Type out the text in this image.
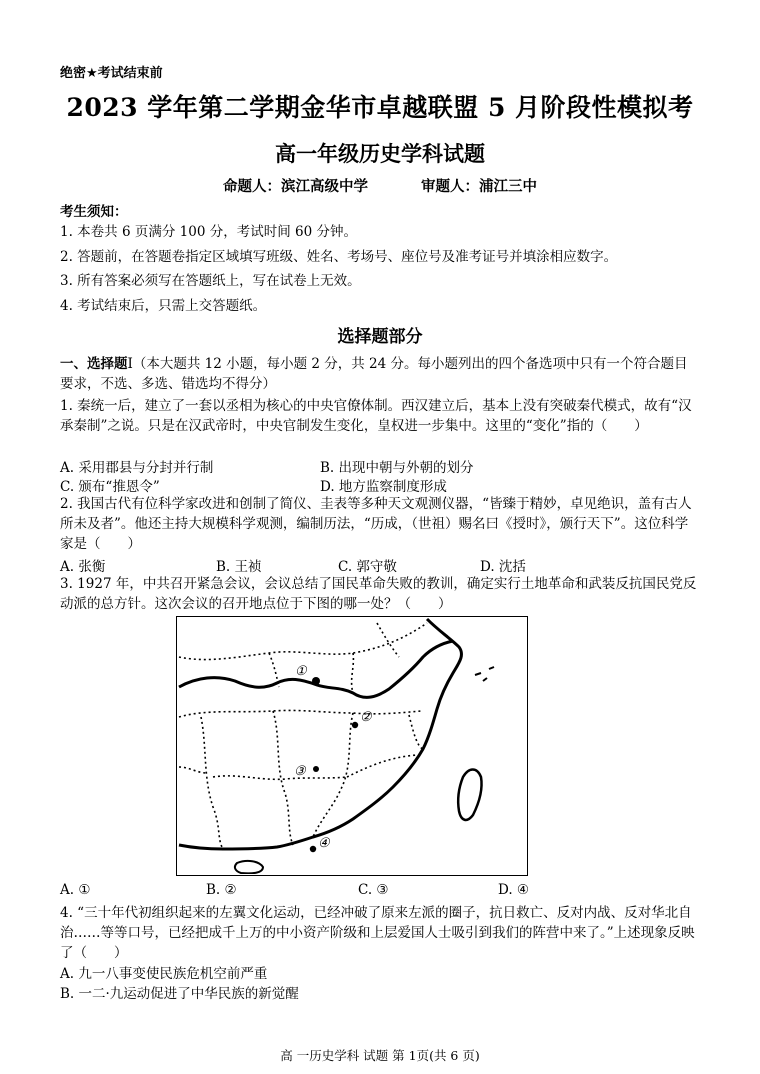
绝密★考试结束前
2023 学年第二学期金华市卓越联盟 5 月阶段性模拟考
高一年级历史学科试题
命题人：滨江高级中学	审题人：浦江三中
考生须知：
1. 本卷共 6 页满分 100 分，考试时间 60 分钟。
2. 答题前，在答题卷指定区域填写班级、姓名、考场号、座位号及准考证号并填涂相应数字。
3. 所有答案必须写在答题纸上，写在试卷上无效。
4. 考试结束后，只需上交答题纸。
选择题部分
一、选择题Ⅰ（本大题共 12 小题，每小题 2 分，共 24 分。每小题列出的四个备选项中只有一个符合题目要求，不选、多选、错选均不得分）
1. 秦统一后，建立了一套以丞相为核心的中央官僚体制。西汉建立后，基本上没有突破秦代模式，故有“汉承秦制”之说。只是在汉武帝时，中央官制发生变化，皇权进一步集中。这里的“变化”指的（　　）
A. 采用郡县与分封并行制	B. 出现中朝与外朝的划分
C. 颁布“推恩令”	D. 地方监察制度形成
2. 我国古代有位科学家改进和创制了简仪、圭表等多种天文观测仪器，“皆臻于精妙，卓见绝识，盖有古人所未及者”。他还主持大规模科学观测，编制历法，“历成，（世祖）赐名曰《授时》，颁行天下”。这位科学家是（　　）
A. 张衡	B. 王祯	C. 郭守敬	D. 沈括
3. 1927 年，中共召开紧急会议，会议总结了国民革命失败的教训，确定实行土地革命和武装反抗国民党反动派的总方针。这次会议的召开地点位于下图的哪一处？（　　）
①
②
③
④
A. ①	B. ②	C. ③	D. ④
4. “三十年代初组织起来的左翼文化运动，已经冲破了原来左派的圈子，抗日救亡、反对内战、反对华北自治……等等口号，已经把成千上万的中小资产阶级和上层爱国人士吸引到我们的阵营中来了。”上述现象反映了（　　）
A. 九一八事变使民族危机空前严重
B. 一二·九运动促进了中华民族的新觉醒
高 一历史学科 试题 第 1页(共 6 页)
